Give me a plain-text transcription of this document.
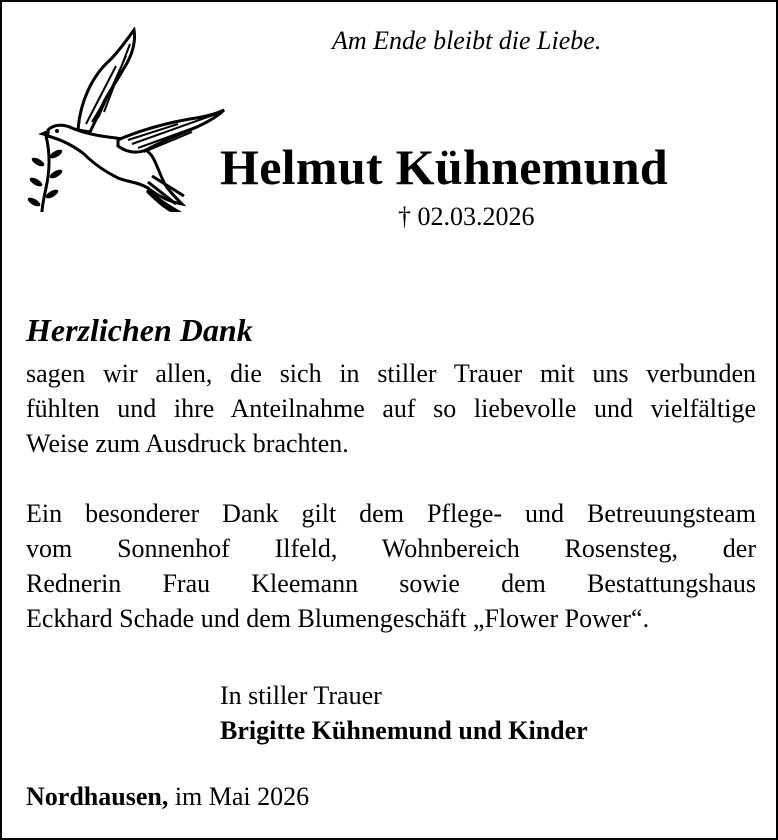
Am Ende bleibt die Liebe.
Helmut Kühnemund
† 02.03.2026
Herzlichen Dank
sagen wir allen, die sich in stiller Trauer mit uns verbunden
fühlten und ihre Anteilnahme auf so liebevolle und vielfältige
Weise zum Ausdruck brachten.
Ein besonderer Dank gilt dem Pflege- und Betreuungsteam
vom Sonnenhof Ilfeld, Wohnbereich Rosensteg, der
Rednerin Frau Kleemann sowie dem Bestattungshaus
Eckhard Schade und dem Blumengeschäft „Flower Power“.
In stiller Trauer
Brigitte Kühnemund und Kinder
Nordhausen, im Mai 2026
